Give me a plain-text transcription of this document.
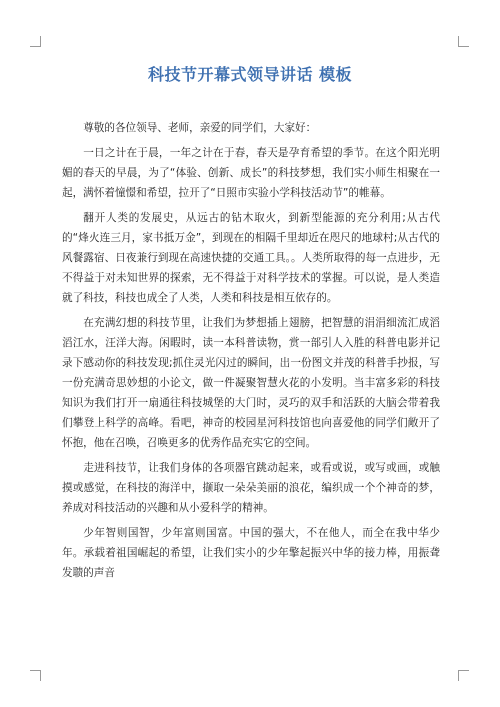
科技节开幕式领导讲话 模板

尊敬的各位领导、老师，亲爱的同学们，大家好：

一日之计在于晨，一年之计在于春，春天是孕育希望的季节。在这个阳光明媚的春天的早晨，为了“体验、创新、成长”的科技梦想，我们实小师生相聚在一起，满怀着憧憬和希望，拉开了“日照市实验小学科技活动节”的帷幕。

翻开人类的发展史，从远古的钻木取火，到新型能源的充分利用;从古代的“烽火连三月，家书抵万金”，到现在的相隔千里却近在咫尺的地球村;从古代的风餐露宿、日夜兼行到现在高速快捷的交通工具。。人类所取得的每一点进步，无不得益于对未知世界的探索，无不得益于对科学技术的掌握。可以说，是人类造就了科技，科技也成全了人类，人类和科技是相互依存的。

在充满幻想的科技节里，让我们为梦想插上翅膀，把智慧的涓涓细流汇成滔滔江水，汪洋大海。闲暇时，读一本科普读物，赏一部引人入胜的科普电影并记录下感动你的科技发现;抓住灵光闪过的瞬间，出一份图文并茂的科普手抄报，写一份充满奇思妙想的小论文，做一件凝聚智慧火花的小发明。当丰富多彩的科技知识为我们打开一扇通往科技城堡的大门时，灵巧的双手和活跃的大脑会带着我们攀登上科学的高峰。看吧，神奇的校园星河科技馆也向喜爱他的同学们敞开了怀抱，他在召唤，召唤更多的优秀作品充实它的空间。

走进科技节，让我们身体的各项器官跳动起来，或看或说，或写或画，或触摸或感觉，在科技的海洋中，撷取一朵朵美丽的浪花，编织成一个个神奇的梦，养成对科技活动的兴趣和从小爱科学的精神。

少年智则国智，少年富则国富。中国的强大，不在他人，而全在我中华少年。承载着祖国崛起的希望，让我们实小的少年擎起振兴中华的接力棒，用振聋发聩的声音
